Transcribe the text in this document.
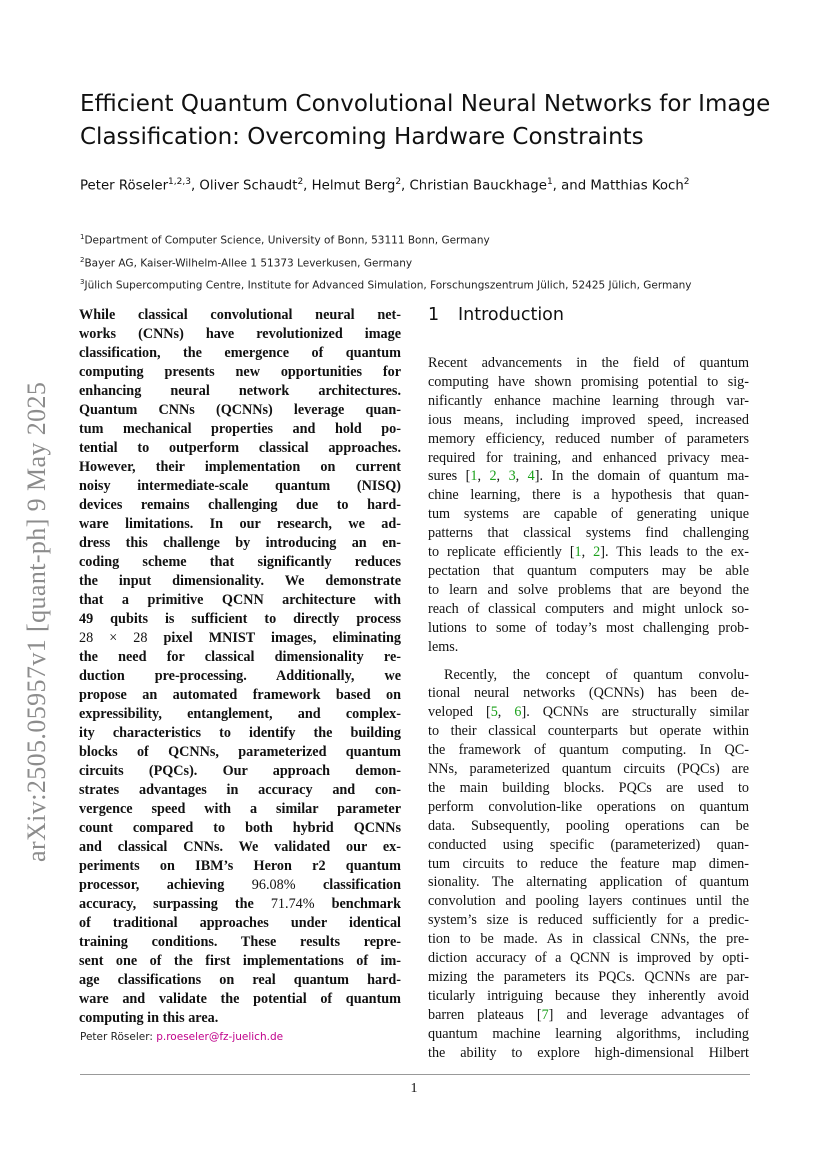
arXiv:2505.05957v1 [quant-ph] 9 May 2025
Efficient Quantum Convolutional Neural Networks for Image
Classification: Overcoming Hardware Constraints
Peter Röseler$^{1,2,3}$, Oliver Schaudt$^2$, Helmut Berg$^2$, Christian Bauckhage$^1$, and Matthias Koch$^2$
$^1$Department of Computer Science, University of Bonn, 53111 Bonn, Germany
$^2$Bayer AG, Kaiser-Wilhelm-Allee 1 51373 Leverkusen, Germany
$^3$Jülich Supercomputing Centre, Institute for Advanced Simulation, Forschungszentrum Jülich, 52425 Jülich, Germany
While classical convolutional neural net-
works (CNNs) have revolutionized image
classification, the emergence of quantum
computing presents new opportunities for
enhancing neural network architectures.
Quantum CNNs (QCNNs) leverage quan-
tum mechanical properties and hold po-
tential to outperform classical approaches.
However, their implementation on current
noisy intermediate-scale quantum (NISQ)
devices remains challenging due to hard-
ware limitations. In our research, we ad-
dress this challenge by introducing an en-
coding scheme that significantly reduces
the input dimensionality. We demonstrate
that a primitive QCNN architecture with
49 qubits is sufficient to directly process
28 × 28 pixel MNIST images, eliminating
the need for classical dimensionality re-
duction pre-processing. Additionally, we
propose an automated framework based on
expressibility, entanglement, and complex-
ity characteristics to identify the building
blocks of QCNNs, parameterized quantum
circuits (PQCs). Our approach demon-
strates advantages in accuracy and con-
vergence speed with a similar parameter
count compared to both hybrid QCNNs
and classical CNNs. We validated our ex-
periments on IBM’s Heron r2 quantum
processor, achieving 96.08% classification
accuracy, surpassing the 71.74% benchmark
of traditional approaches under identical
training conditions. These results repre-
sent one of the first implementations of im-
age classifications on real quantum hard-
ware and validate the potential of quantum
computing in this area.
Peter Röseler: p.roeseler@fz-juelich.de
1 Introduction
Recent advancements in the field of quantum
computing have shown promising potential to sig-
nificantly enhance machine learning through var-
ious means, including improved speed, increased
memory efficiency, reduced number of parameters
required for training, and enhanced privacy mea-
sures [1, 2, 3, 4]. In the domain of quantum ma-
chine learning, there is a hypothesis that quan-
tum systems are capable of generating unique
patterns that classical systems find challenging
to replicate efficiently [1, 2]. This leads to the ex-
pectation that quantum computers may be able
to learn and solve problems that are beyond the
reach of classical computers and might unlock so-
lutions to some of today’s most challenging prob-
lems.
Recently, the concept of quantum convolu-
tional neural networks (QCNNs) has been de-
veloped [5, 6]. QCNNs are structurally similar
to their classical counterparts but operate within
the framework of quantum computing. In QC-
NNs, parameterized quantum circuits (PQCs) are
the main building blocks. PQCs are used to
perform convolution-like operations on quantum
data. Subsequently, pooling operations can be
conducted using specific (parameterized) quan-
tum circuits to reduce the feature map dimen-
sionality. The alternating application of quantum
convolution and pooling layers continues until the
system’s size is reduced sufficiently for a predic-
tion to be made. As in classical CNNs, the pre-
diction accuracy of a QCNN is improved by opti-
mizing the parameters its PQCs. QCNNs are par-
ticularly intriguing because they inherently avoid
barren plateaus [7] and leverage advantages of
quantum machine learning algorithms, including
the ability to explore high-dimensional Hilbert
1
